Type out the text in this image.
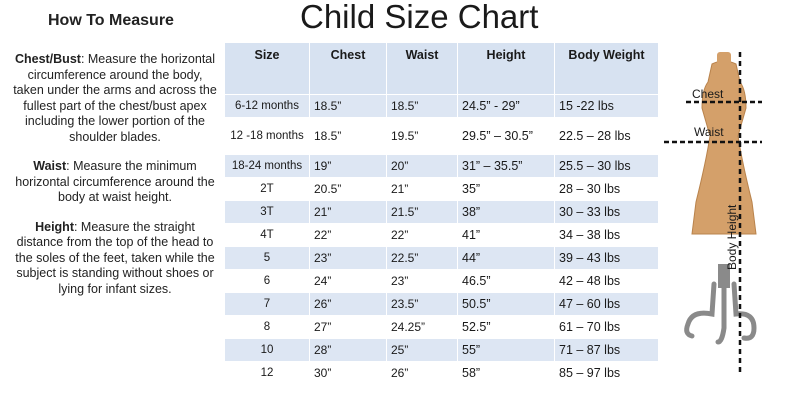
How To Measure

Chest/Bust: Measure the horizontal circumference around the body, taken under the arms and across the fullest part of the chest/bust apex including the lower portion of the shoulder blades.

Waist: Measure the minimum horizontal circumference around the body at waist height.

Height: Measure the straight distance from the top of the head to the soles of the feet, taken while the subject is standing without shoes or lying for infant sizes.

Child Size Chart
Size	Chest	Waist	Height	Body Weight
6-12 months	18.5”	18.5”	24.5” - 29”	15 -22 lbs
12 -18 months	18.5”	19.5”	29.5” – 30.5”	22.5 – 28 lbs
18-24 months	19”	20”	31” – 35.5”	25.5 – 30 lbs
2T	20.5”	21”	35”	28 – 30 lbs
3T	21”	21.5”	38”	30 – 33 lbs
4T	22”	22”	41”	34 – 38 lbs
5	23”	22.5”	44”	39 – 43 lbs
6	24”	23”	46.5”	42 – 48 lbs
7	26”	23.5”	50.5”	47 – 60 lbs
8	27”	24.25”	52.5”	61 – 70 lbs
10	28”	25”	55”	71 – 87 lbs
12	30”	26”	58”	85 – 97 lbs
Chest
Waist
Body Height
